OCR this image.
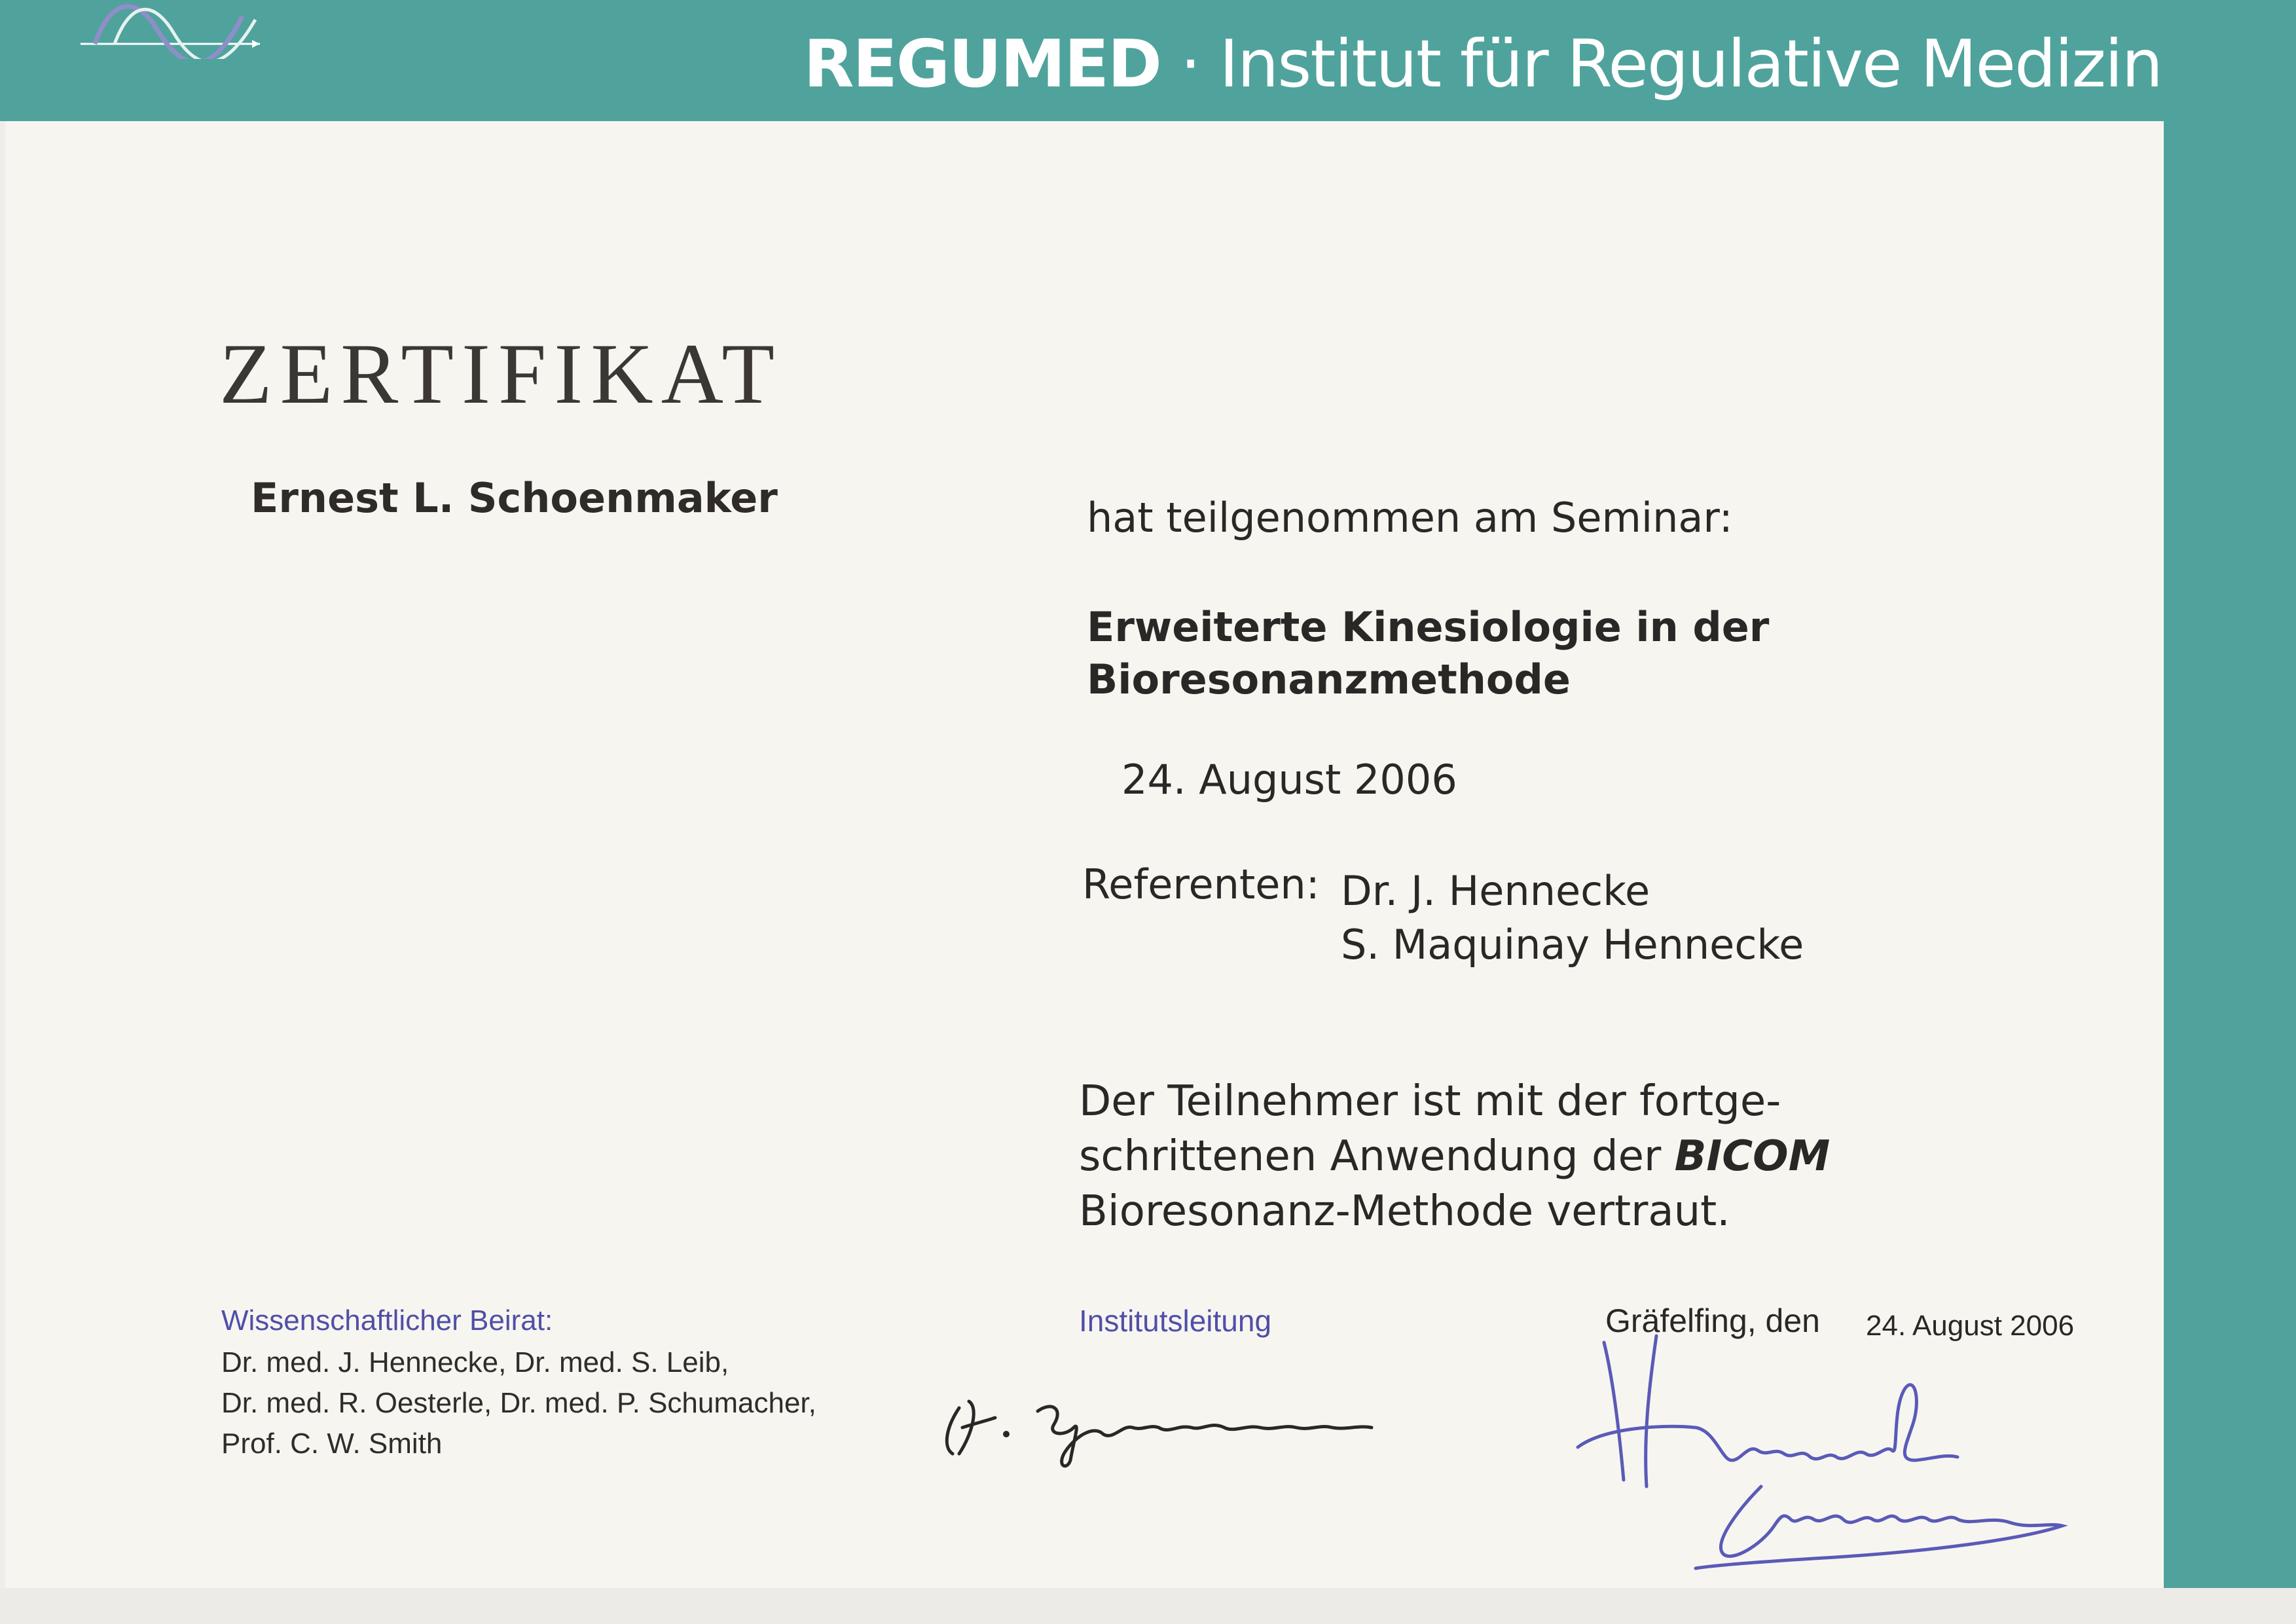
REGUMED · Institut für Regulative Medizin
ZERTIFIKAT
Ernest L. Schoenmaker	hat teilgenommen am Seminar:
Erweiterte Kinesiologie in der
Bioresonanzmethode
24. August 2006
Referenten: Dr. J. Hennecke
S. Maquinay Hennecke
Der Teilnehmer ist mit der fortge-
schrittenen Anwendung der BICOM
Bioresonanz-Methode vertraut.
Wissenschaftlicher Beirat:
Dr. med. J. Hennecke, Dr. med. S. Leib,
Dr. med. R. Oesterle, Dr. med. P. Schumacher,
Prof. C. W. Smith
Institutsleitung	Gräfelfing, den 24. August 2006
